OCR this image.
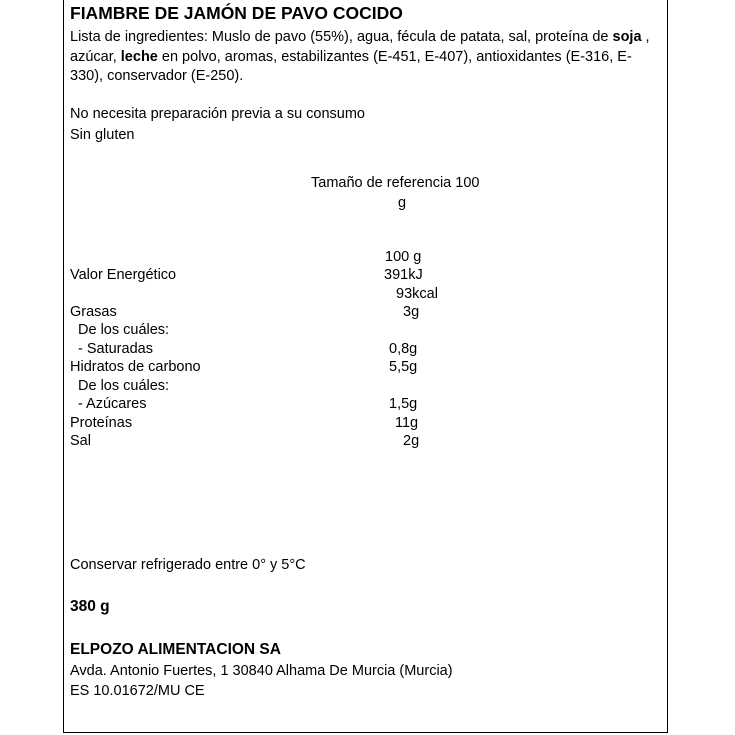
FIAMBRE DE JAMÓN DE PAVO COCIDO
Lista de ingredientes: Muslo de pavo (55%), agua, fécula de patata, sal, proteína de soja , azúcar, leche en polvo, aromas, estabilizantes (E-451, E-407), antioxidantes (E-316, E-330), conservador (E-250).
No necesita preparación previa a su consumo
Sin gluten
Tamaño de referencia 100
g
100 g
Valor Energético	391kJ
93kcal
Grasas	3g
De los cuáles:
- Saturadas	0,8g
Hidratos de carbono	5,5g
De los cuáles:
- Azúcares	1,5g
Proteínas	11g
Sal	2g
Conservar refrigerado entre 0° y 5°C
380 g
ELPOZO ALIMENTACION SA
Avda. Antonio Fuertes, 1 30840 Alhama De Murcia (Murcia)
ES 10.01672/MU CE
